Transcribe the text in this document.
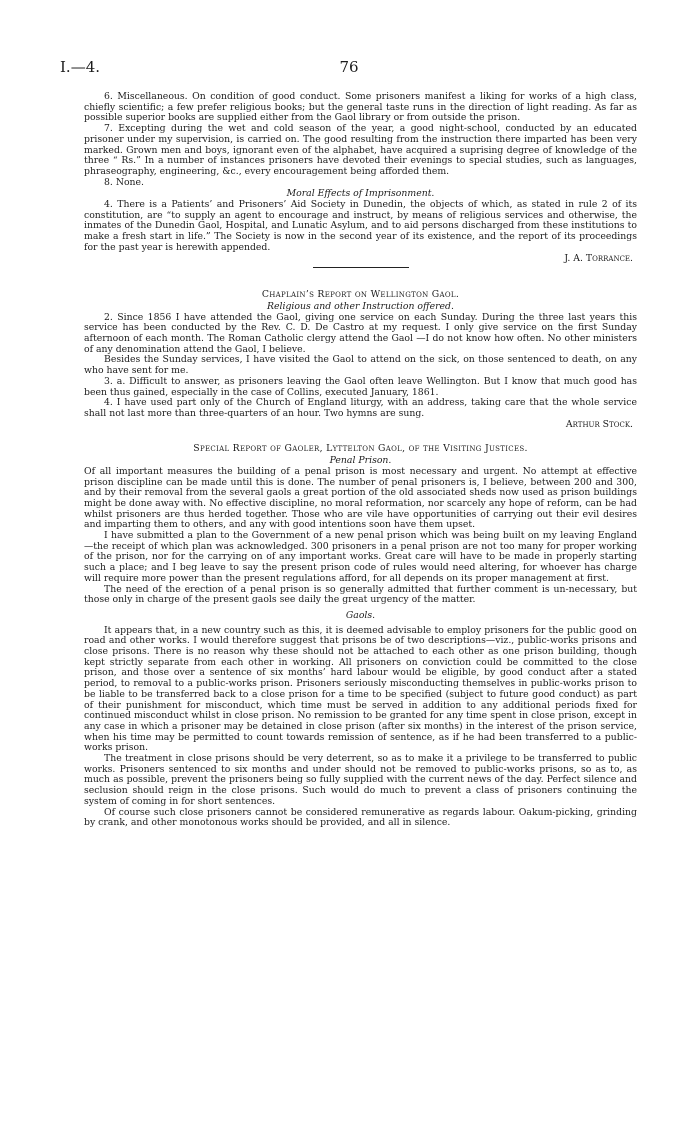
I.—4.	76

6. Miscellaneous. On condition of good conduct. Some prisoners manifest a liking for works of a high class, chiefly scientific; a few prefer religious books; but the general taste runs in the direction of light reading. As far as possible superior books are supplied either from the Gaol library or from outside the prison.

7. Excepting during the wet and cold season of the year, a good night-school, conducted by an educated prisoner under my supervision, is carried on. The good resulting from the instruction there imparted has been very marked. Grown men and boys, ignorant even of the alphabet, have acquired a suprising degree of knowledge of the three “ Rs.” In a number of instances prisoners have devoted their evenings to special studies, such as languages, phraseography, engineering, &c., every encouragement being afforded them.

8. None.

Moral Effects of Imprisonment.

4. There is a Patients’ and Prisoners’ Aid Society in Dunedin, the objects of which, as stated in rule 2 of its constitution, are “to supply an agent to encourage and instruct, by means of religious services and otherwise, the inmates of the Dunedin Gaol, Hospital, and Lunatic Asylum, and to aid persons discharged from these institutions to make a fresh start in life.” The Society is now in the second year of its existence, and the report of its proceedings for the past year is herewith appended.

J. A. Torrance.

Chaplain’s Report on Wellington Gaol.

Religious and other Instruction offered.

2. Since 1856 I have attended the Gaol, giving one service on each Sunday. During the three last years this service has been conducted by the Rev. C. D. De Castro at my request. I only give service on the first Sunday afternoon of each month. The Roman Catholic clergy attend the Gaol —I do not know how often. No other ministers of any denomination attend the Gaol, I believe.

Besides the Sunday services, I have visited the Gaol to attend on the sick, on those sentenced to death, on any who have sent for me.

3. a. Difficult to answer, as prisoners leaving the Gaol often leave Wellington. But I know that much good has been thus gained, especially in the case of Collins, executed January, 1861.

4. I have used part only of the Church of England liturgy, with an address, taking care that the whole service shall not last more than three-quarters of an hour. Two hymns are sung.

Arthur Stock.

Special Report of Gaoler, Lyttelton Gaol, of the Visiting Justices.

Penal Prison.

Of all important measures the building of a penal prison is most necessary and urgent. No attempt at effective prison discipline can be made until this is done. The number of penal prisoners is, I believe, between 200 and 300, and by their removal from the several gaols a great portion of the old associated sheds now used as prison buildings might be done away with. No effective discipline, no moral reformation, nor scarcely any hope of reform, can be had whilst prisoners are thus herded together. Those who are vile have opportunities of carrying out their evil desires and imparting them to others, and any with good intentions soon have them upset.

I have submitted a plan to the Government of a new penal prison which was being built on my leaving England—the receipt of which plan was acknowledged. 300 prisoners in a penal prison are not too many for proper working of the prison, nor for the carrying on of any important works. Great care will have to be made in properly starting such a place; and I beg leave to say the present prison code of rules would need altering, for whoever has charge will require more power than the present regulations afford, for all depends on its proper management at first.

The need of the erection of a penal prison is so generally admitted that further comment is un-necessary, but those only in charge of the present gaols see daily the great urgency of the matter.

Gaols.

It appears that, in a new country such as this, it is deemed advisable to employ prisoners for the public good on road and other works. I would therefore suggest that prisons be of two descriptions—viz., public-works prisons and close prisons. There is no reason why these should not be attached to each other as one prison building, though kept strictly separate from each other in working. All prisoners on conviction could be committed to the close prison, and those over a sentence of six months’ hard labour would be eligible, by good conduct after a stated period, to removal to a public-works prison. Prisoners seriously misconducting themselves in public-works prison to be liable to be transferred back to a close prison for a time to be specified (subject to future good conduct) as part of their punishment for misconduct, which time must be served in addition to any additional periods fixed for continued misconduct whilst in close prison. No remission to be granted for any time spent in close prison, except in any case in which a prisoner may be detained in close prison (after six months) in the interest of the prison service, when his time may be permitted to count towards remission of sentence, as if he had been transferred to a public-works prison.

The treatment in close prisons should be very deterrent, so as to make it a privilege to be transferred to public works. Prisoners sentenced to six months and under should not be removed to public-works prisons, so as to, as much as possible, prevent the prisoners being so fully supplied with the current news of the day. Perfect silence and seclusion should reign in the close prisons. Such would do much to prevent a class of prisoners continuing the system of coming in for short sentences.

Of course such close prisoners cannot be considered remunerative as regards labour. Oakum-picking, grinding by crank, and other monotonous works should be provided, and all in silence.
